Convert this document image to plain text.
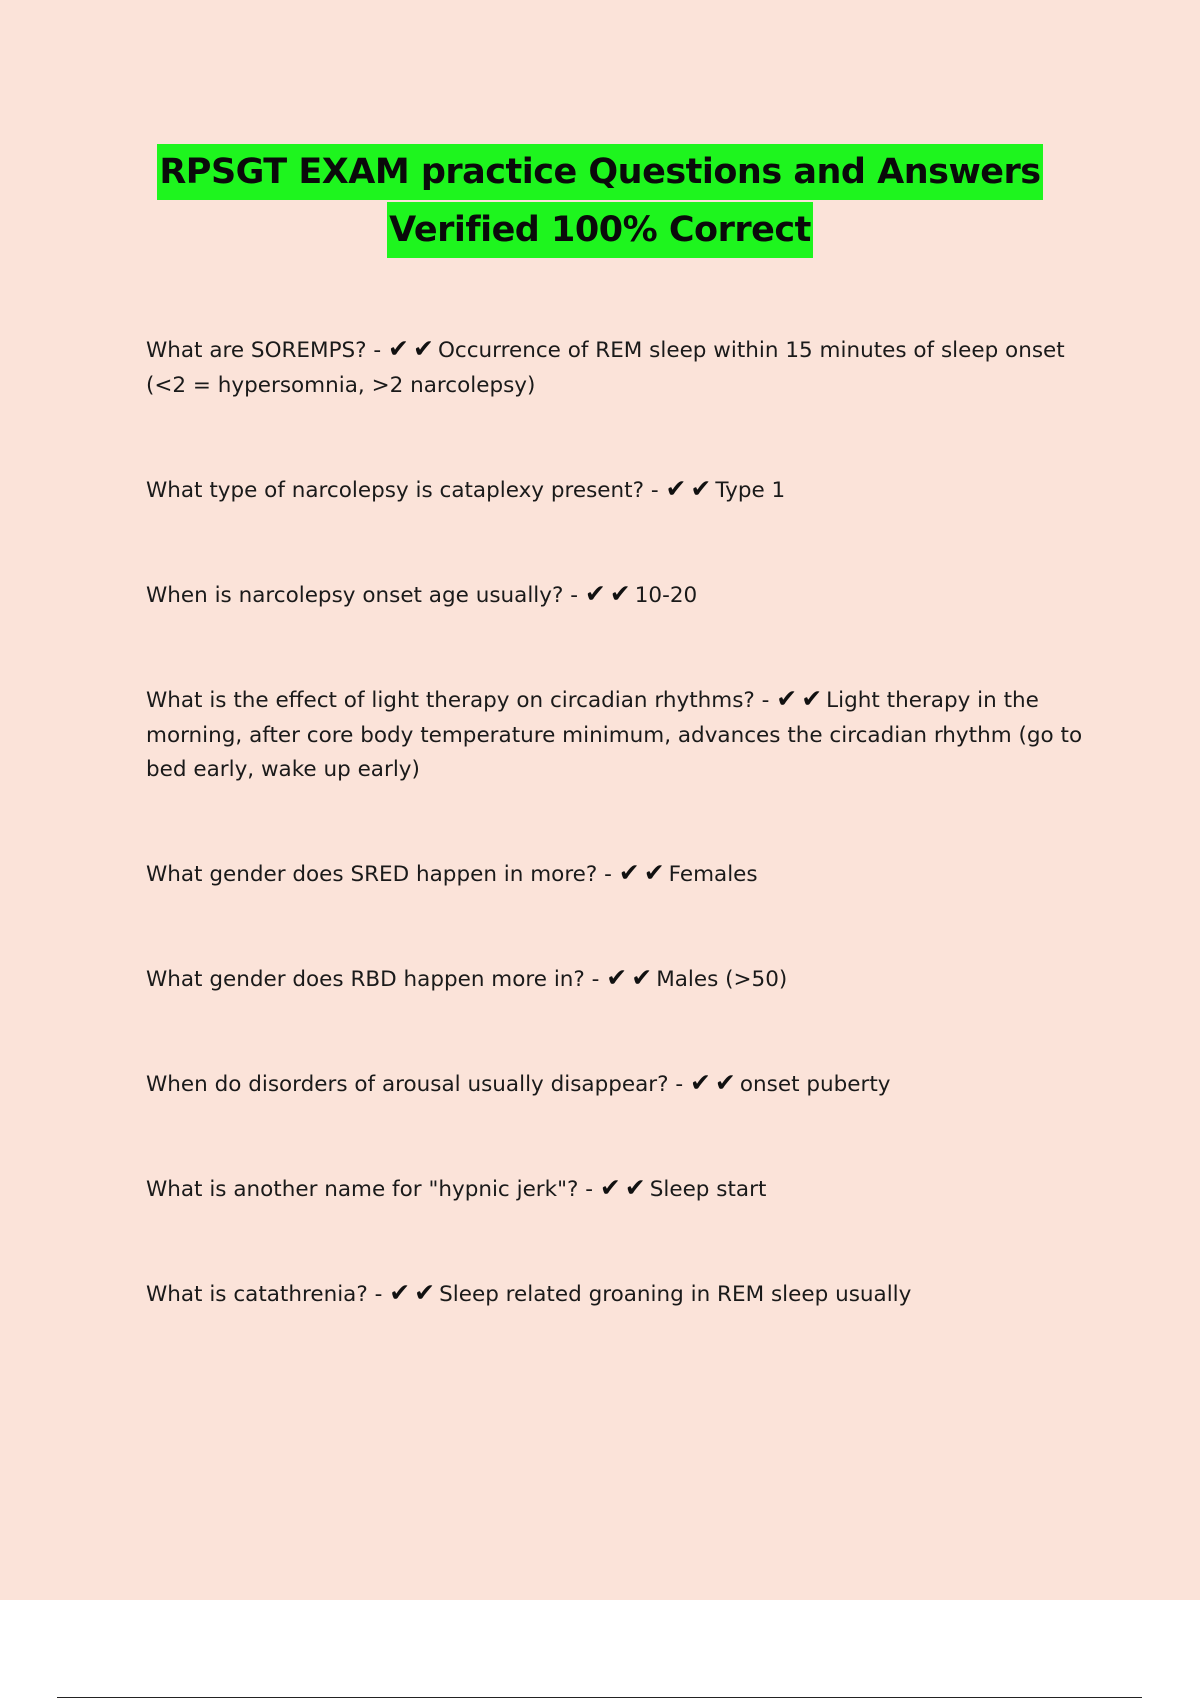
RPSGT EXAM practice Questions and Answers
Verified 100% Correct

What are SOREMPS? - ✔✔Occurrence of REM sleep within 15 minutes of sleep onset (<2 = hypersomnia, >2 narcolepsy)

What type of narcolepsy is cataplexy present? - ✔✔Type 1

When is narcolepsy onset age usually? - ✔✔10-20

What is the effect of light therapy on circadian rhythms? - ✔✔Light therapy in the morning, after core body temperature minimum, advances the circadian rhythm (go to bed early, wake up early)

What gender does SRED happen in more? - ✔✔Females

What gender does RBD happen more in? - ✔✔Males (>50)

When do disorders of arousal usually disappear? - ✔✔onset puberty

What is another name for "hypnic jerk"? - ✔✔Sleep start

What is catathrenia? - ✔✔Sleep related groaning in REM sleep usually
